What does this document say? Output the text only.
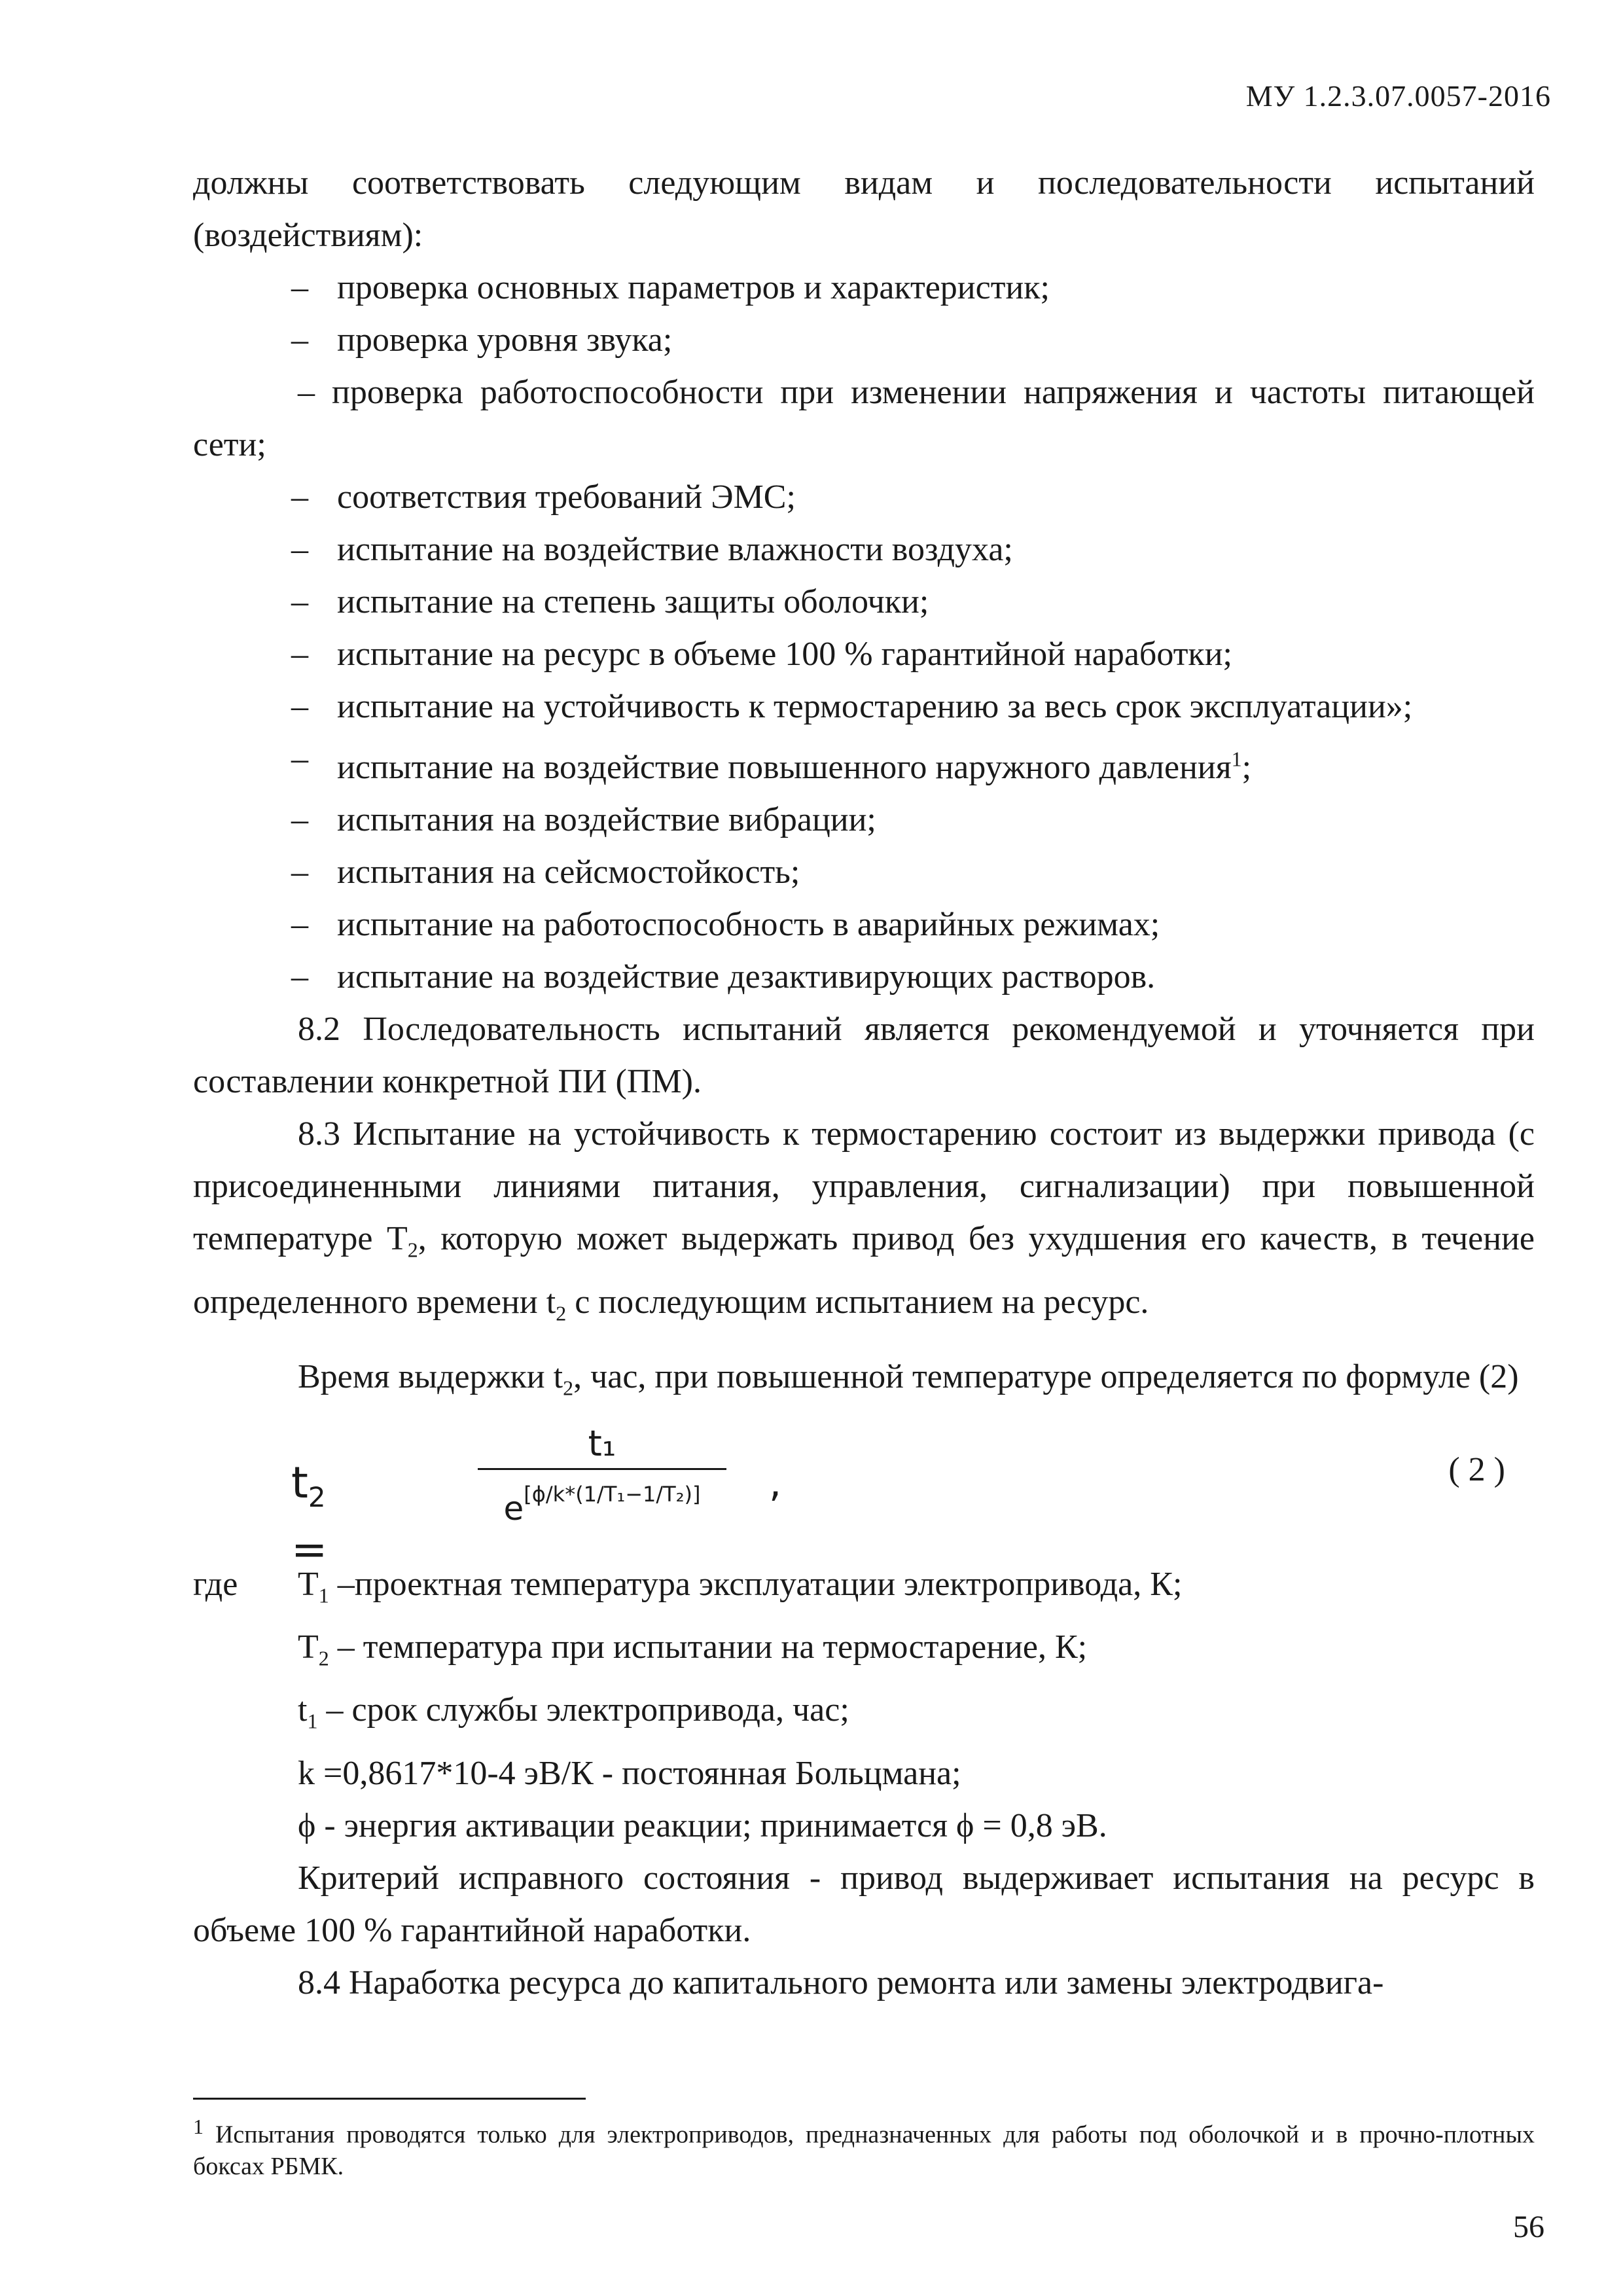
МУ 1.2.3.07.0057-2016

должны соответствовать следующим видам и последовательности испытаний (воздействиям):

– проверка основных параметров и характеристик;

– проверка уровня звука;

– проверка работоспособности при изменении напряжения и частоты питающей сети;

– соответствия требований ЭМС;

– испытание на воздействие влажности воздуха;

– испытание на степень защиты оболочки;

– испытание на ресурс в объеме 100 % гарантийной наработки;

– испытание на устойчивость к термостарению за весь срок эксплуатации»;

– испытание на воздействие повышенного наружного давления$^1$;

– испытания на воздействие вибрации;

– испытания на сейсмостойкость;

– испытание на работоспособность в аварийных режимах;

– испытание на воздействие дезактивирующих растворов.

8.2 Последовательность испытаний является рекомендуемой и уточняется при составлении конкретной ПИ (ПМ).

8.3 Испытание на устойчивость к термостарению состоит из выдержки привода (с присоединенными линиями питания, управления, сигнализации) при повышенной температуре $Т_2$, которую может выдержать привод без ухудшения его качеств, в течение определенного времени $t_2$ с последующим испытанием на ресурс.

Время выдержки $t_2$, час, при повышенной температуре определяется по формуле (2)

$t_2$ =
t₁
e[ϕ/k*(1/T₁−1/T₂)]	,	( 2 )

где $Т_1$ –проектная температура эксплуатации электропривода, К;

$Т_2$ – температура при испытании на термостарение, К;

$t_1$ – срок службы электропривода, час;

k =0,8617*10-4 эВ/К - постоянная Больцмана;

ϕ - энергия активации реакции; принимается ϕ = 0,8 эВ.

Критерий исправного состояния - привод выдерживает испытания на ресурс в объеме 100 % гарантийной наработки.

8.4 Наработка ресурса до капитального ремонта или замены электродвига-

$^1$ Испытания проводятся только для электроприводов, предназначенных для работы под оболочкой и в прочно-плотных боксах РБМК.
56
